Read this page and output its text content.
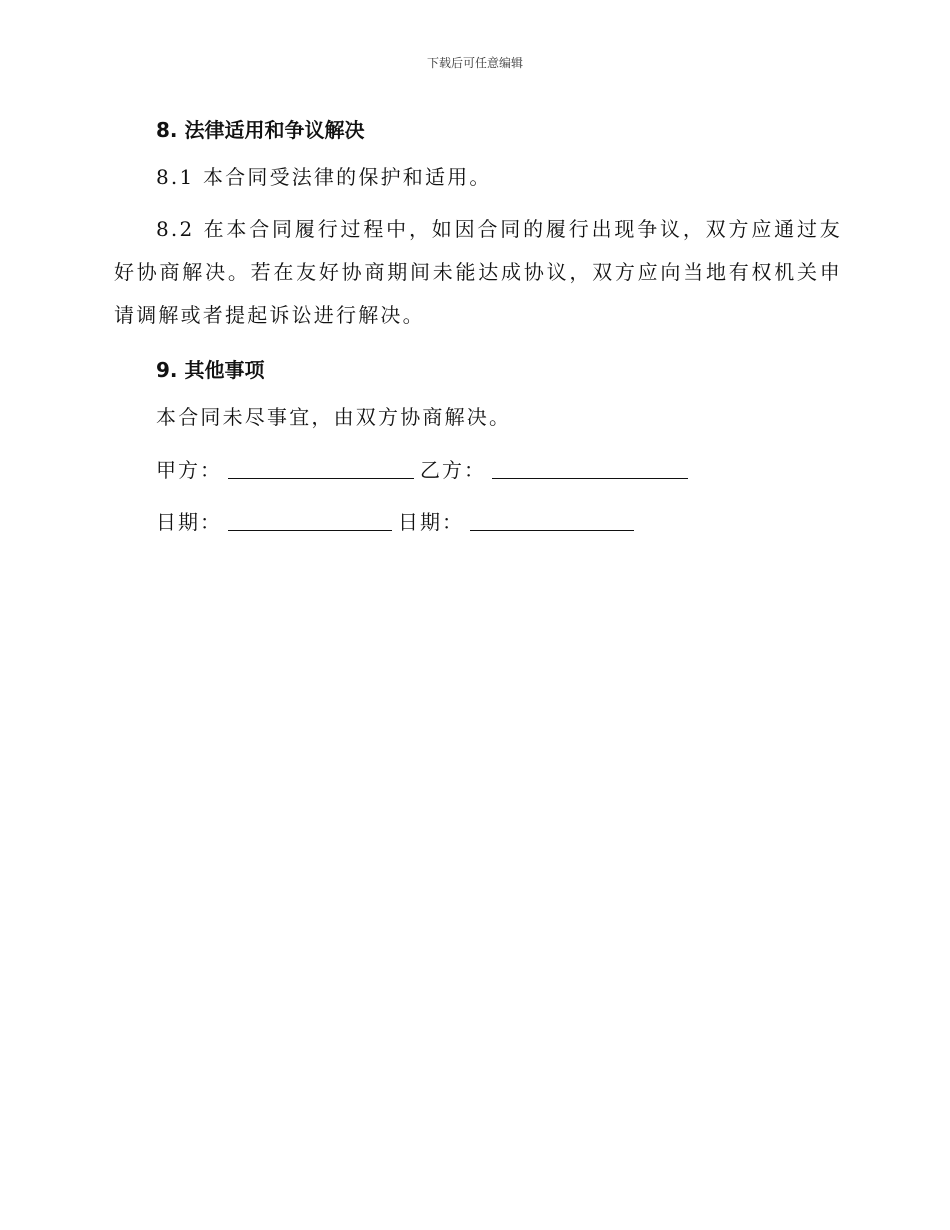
下载后可任意编辑
8. 法律适用和争议解决
8.1 本合同受法律的保护和适用。
8.2 在本合同履行过程中，如因合同的履行出现争议，双方应通过友好协商解决。若在友好协商期间未能达成协议，双方应向当地有权机关申请调解或者提起诉讼进行解决。
9. 其他事项
本合同未尽事宜，由双方协商解决。
甲方：	乙方：
日期：	日期：
